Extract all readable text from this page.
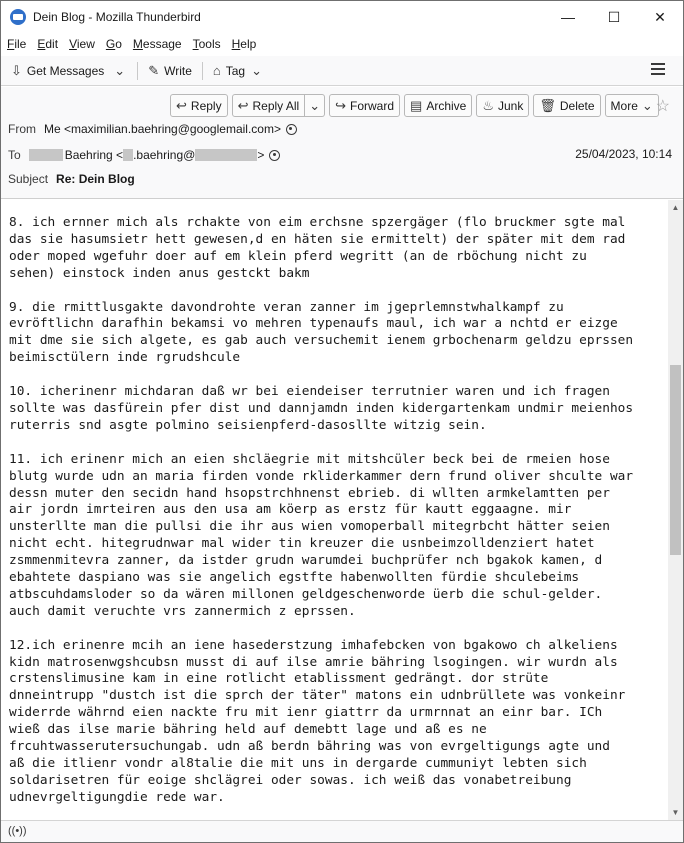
Dein Blog - Mozilla Thunderbird	—	☐	✕
File Edit View Go Message Tools Help
⇩ Get Messages ⌄ ✎ Write ⌂ Tag ⌄
↩ Reply ↩ Reply All ⌄ ↪ Forward ▤ Archive ♨ Junk 🗑 Delete More ⌄ ☆
From Me <maximilian.baehring@googlemail.com>
To	Baehring < .baehring@	>	25/04/2023, 10:14
Subject Re: Dein Blog
8. ich ernner mich als rchakte von eim erchsne spzergäger (flo bruckmer sgte mal
das sie hasumsietr hett gewesen,d en häten sie ermittelt) der später mit dem rad
oder moped wgefuhr doer auf em klein pferd wegritt (an de rböchung nicht zu
sehen) einstock inden anus gestckt bakm

9. die rmittlusgakte davondrohte veran zanner im jgeprlemnstwhalkampf zu
evröftlichn darafhin bekamsi vo mehren typenaufs maul, ich war a nchtd er eizge
mit dme sie sich algete, es gab auch versuchemit ienem grbochenarm geldzu eprssen
beimisctülern inde rgrudshcule

10. icherinenr michdaran daß wr bei eiendeiser terrutnier waren und ich fragen
sollte was dasfürein pfer dist und dannjamdn inden kidergartenkam undmir meienhos
ruterris snd asgte polmino seisienpferd-dasosllte witzig sein.

11. ich erinenr mich an eien shcläegrie mit mitshcüler beck bei de rmeien hose
blutg wurde udn an maria firden vonde rkliderkammer dern frund oliver shculte war
dessn muter den secidn hand hsopstrchhnenst ebrieb. di wllten armkelamtten per
air jordn imrteiren aus den usa am köerp as erstz für kautt eggaagne. mir
unsterllte man die pullsi die ihr aus wien vomoperball mitegrbcht hätter seien
nicht echt. hitegrudnwar mal wider tin kreuzer die usnbeimzolldenziert hatet
zsmmenmitevra zanner, da istder grudn warumdei buchprüfer nch bgakok kamen, d
ebahtete daspiano was sie angelich egstfte habenwollten fürdie shculebeims
atbscuhdamsloder so da wären millonen geldgeschenworde üerb die schul-gelder.
auch damit veruchte vrs zannermich z eprssen.

12.ich erinenre mcih an iene hasederstzung imhafebcken von bgakowo ch alkeliens
kidn matrosenwgshcubsn musst di auf ilse amrie bähring lsogingen. wir wurdn als
crstenslimusine kam in eine rotlicht etablissment gedrängt. dor strüte
dnneintrupp "dustch ist die sprch der täter" matons ein udnbrüllete was vonkeinr
widerrde währnd eien nackte fru mit ienr giattrr da urmrnnat an einr bar. ICh
wieß das ilse marie bähring held auf demebtt lage und aß es ne
frcuhtwasserutersuchungab. udn aß berdn bähring was von evrgeltigungs agte und
aß die itlienr vondr al8talie die mit uns in dergarde cummuniyt lebten sich
soldarisetren für eoige shclägrei oder sowas. ich weiß das vonabetreibung
udnevrgeltigungdie rede war.
▲
▼
((•))
